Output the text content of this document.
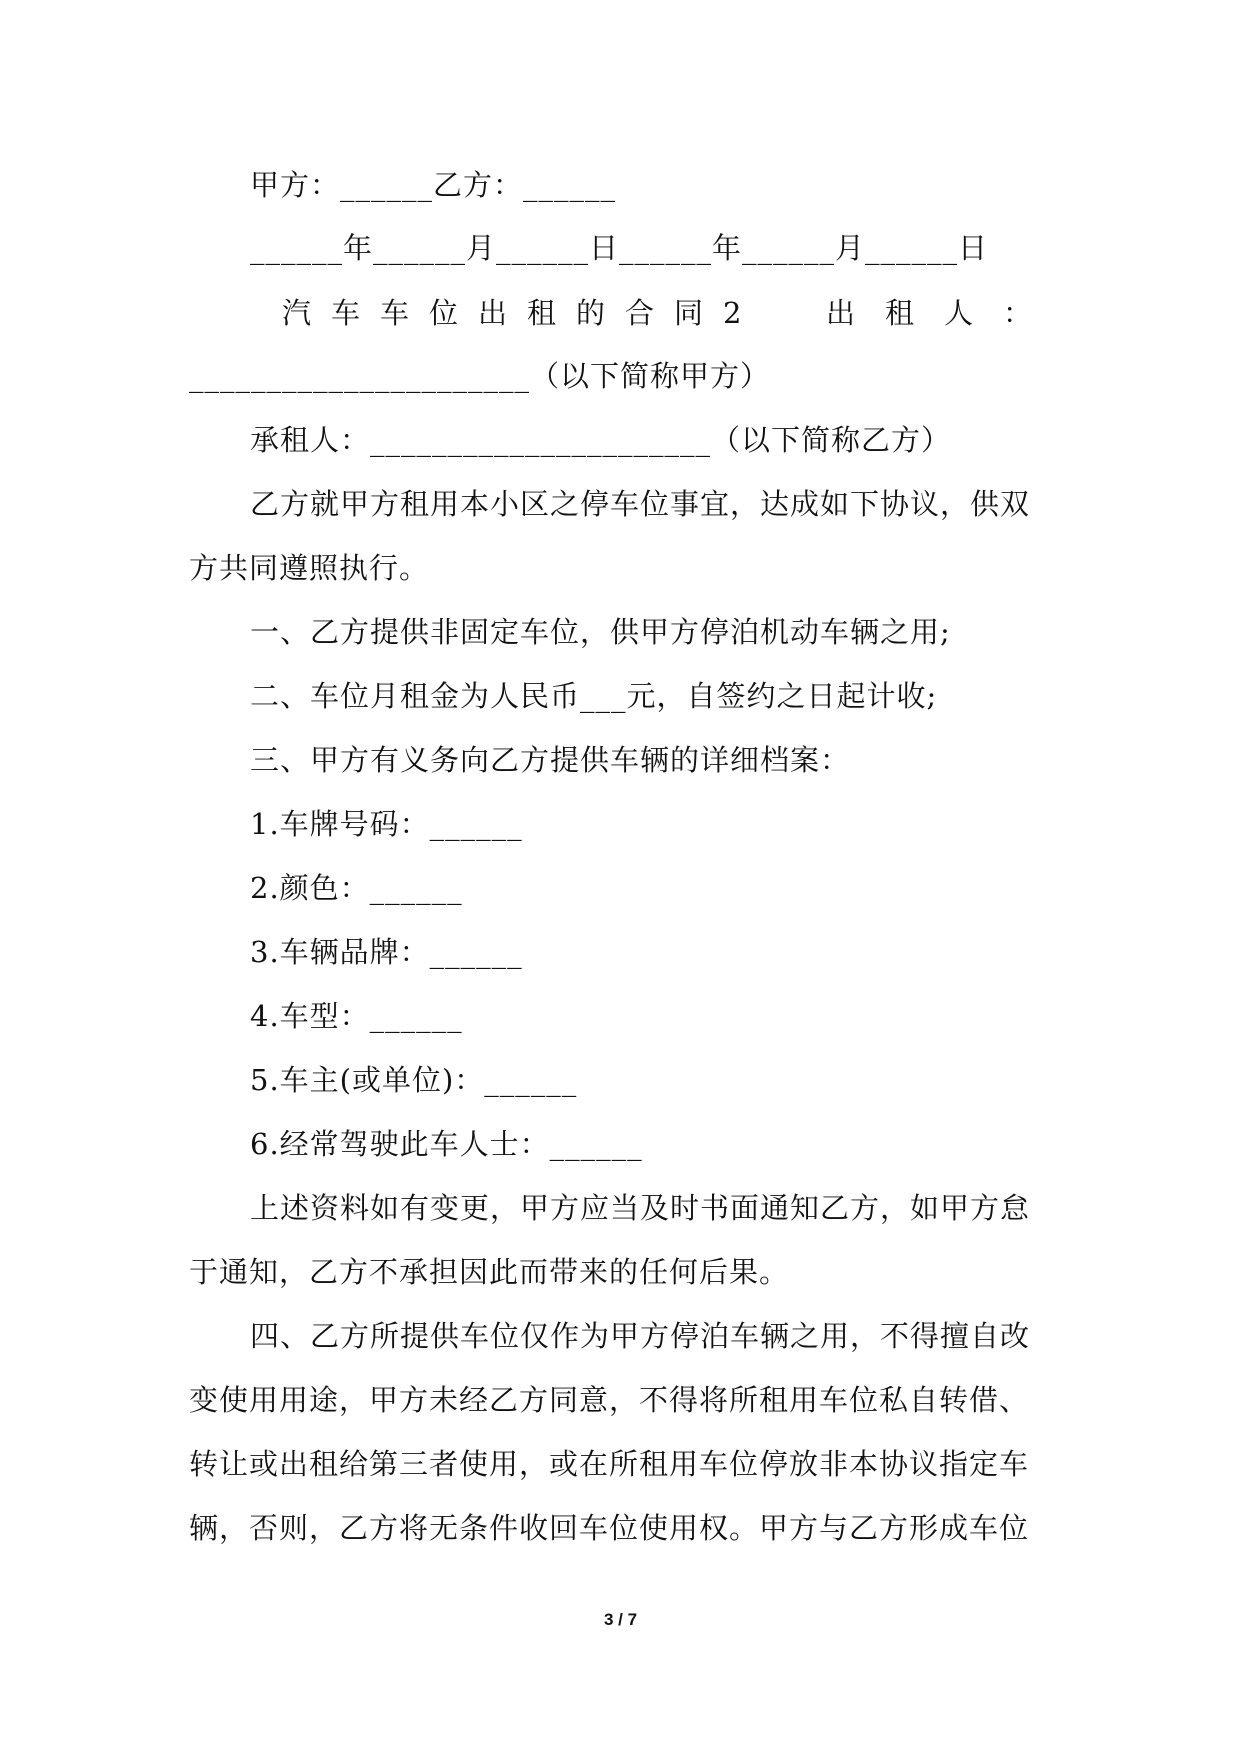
甲方：______乙方：______
______年______月______日______年______月______日
汽车车位出租的合同2 出租人：
______________________（以下简称甲方）
承租人：______________________（以下简称乙方）
乙方就甲方租用本小区之停车位事宜，达成如下协议，供双
方共同遵照执行。
一、乙方提供非固定车位，供甲方停泊机动车辆之用;
二、车位月租金为人民币___元，自签约之日起计收;
三、甲方有义务向乙方提供车辆的详细档案：
1.车牌号码：______
2.颜色：______
3.车辆品牌：______
4.车型：______
5.车主(或单位)：______
6.经常驾驶此车人士：______
上述资料如有变更，甲方应当及时书面通知乙方，如甲方怠
于通知，乙方不承担因此而带来的任何后果。
四、乙方所提供车位仅作为甲方停泊车辆之用，不得擅自改
变使用用途，甲方未经乙方同意，不得将所租用车位私自转借、
转让或出租给第三者使用，或在所租用车位停放非本协议指定车
辆，否则，乙方将无条件收回车位使用权。甲方与乙方形成车位
3 / 7
